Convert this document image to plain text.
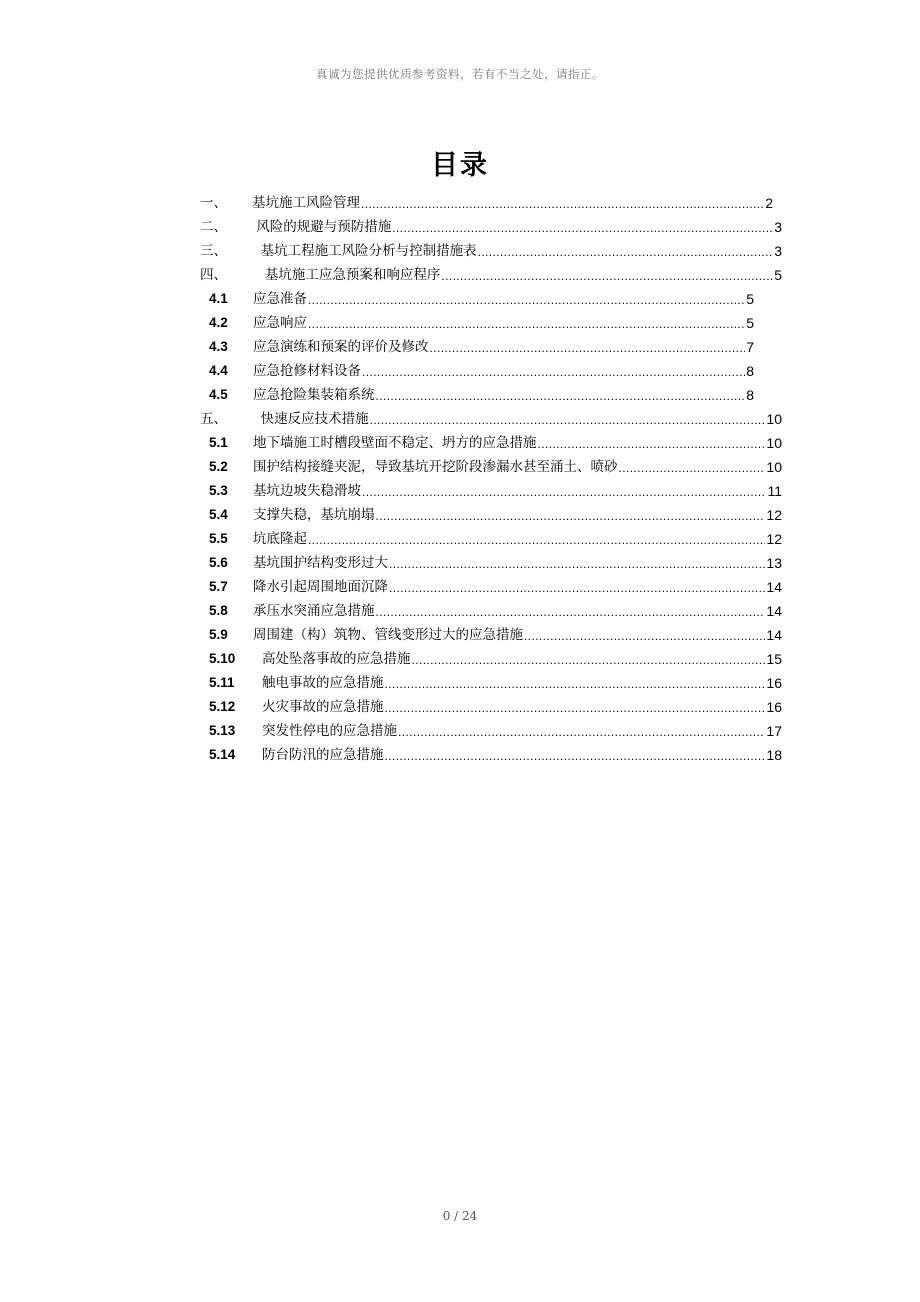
真诚为您提供优质参考资料，若有不当之处，请指正。
目录
一、	基坑施工风险管理 .....	2
二、	风险的规避与预防措施 .....	3
三、	基坑工程施工风险分析与控制措施表 .....	3
四、	基坑施工应急预案和响应程序 .....	5
4.1	应急准备 .....	5
4.2	应急响应 .....	5
4.3	应急演练和预案的评价及修改 .....	7
4.4	应急抢修材料设备 .....	8
4.5	应急抢险集装箱系统 .....	8
五、	快速反应技术措施 .....	10
5.1	地下墙施工时槽段壁面不稳定、坍方的应急措施 .....	10
5.2	围护结构接缝夹泥，导致基坑开挖阶段渗漏水甚至涌土、喷砂 .....	10
5.3	基坑边坡失稳滑坡 .....	11
5.4	支撑失稳，基坑崩塌 .....	12
5.5	坑底隆起 .....	12
5.6	基坑围护结构变形过大 .....	13
5.7	降水引起周围地面沉降 .....	14
5.8	承压水突涌应急措施 .....	14
5.9	周围建（构）筑物、管线变形过大的应急措施 .....	14
5.10	高处坠落事故的应急措施 .....	15
5.11	触电事故的应急措施 .....	16
5.12	火灾事故的应急措施 .....	16
5.13	突发性停电的应急措施 .....	17
5.14	防台防汛的应急措施 .....	18
0 / 24
